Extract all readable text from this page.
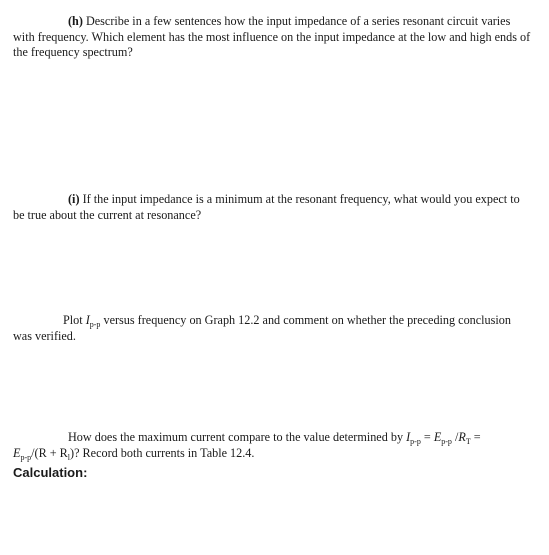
(h) Describe in a few sentences how the input impedance of a series resonant circuit varies with frequency. Which element has the most influence on the input impedance at the low and high ends of the frequency spectrum?
(i) If the input impedance is a minimum at the resonant frequency, what would you expect to be true about the current at resonance?
Plot $I_{p-p}$ versus frequency on Graph 12.2 and comment on whether the preceding conclusion was verified.
How does the maximum current compare to the value determined by $I_{p-p} = E_{p-p}$ $/R_T$ =
$E_{p-p}/(R + R_l)$? Record both currents in Table 12.4.
Calculation:
